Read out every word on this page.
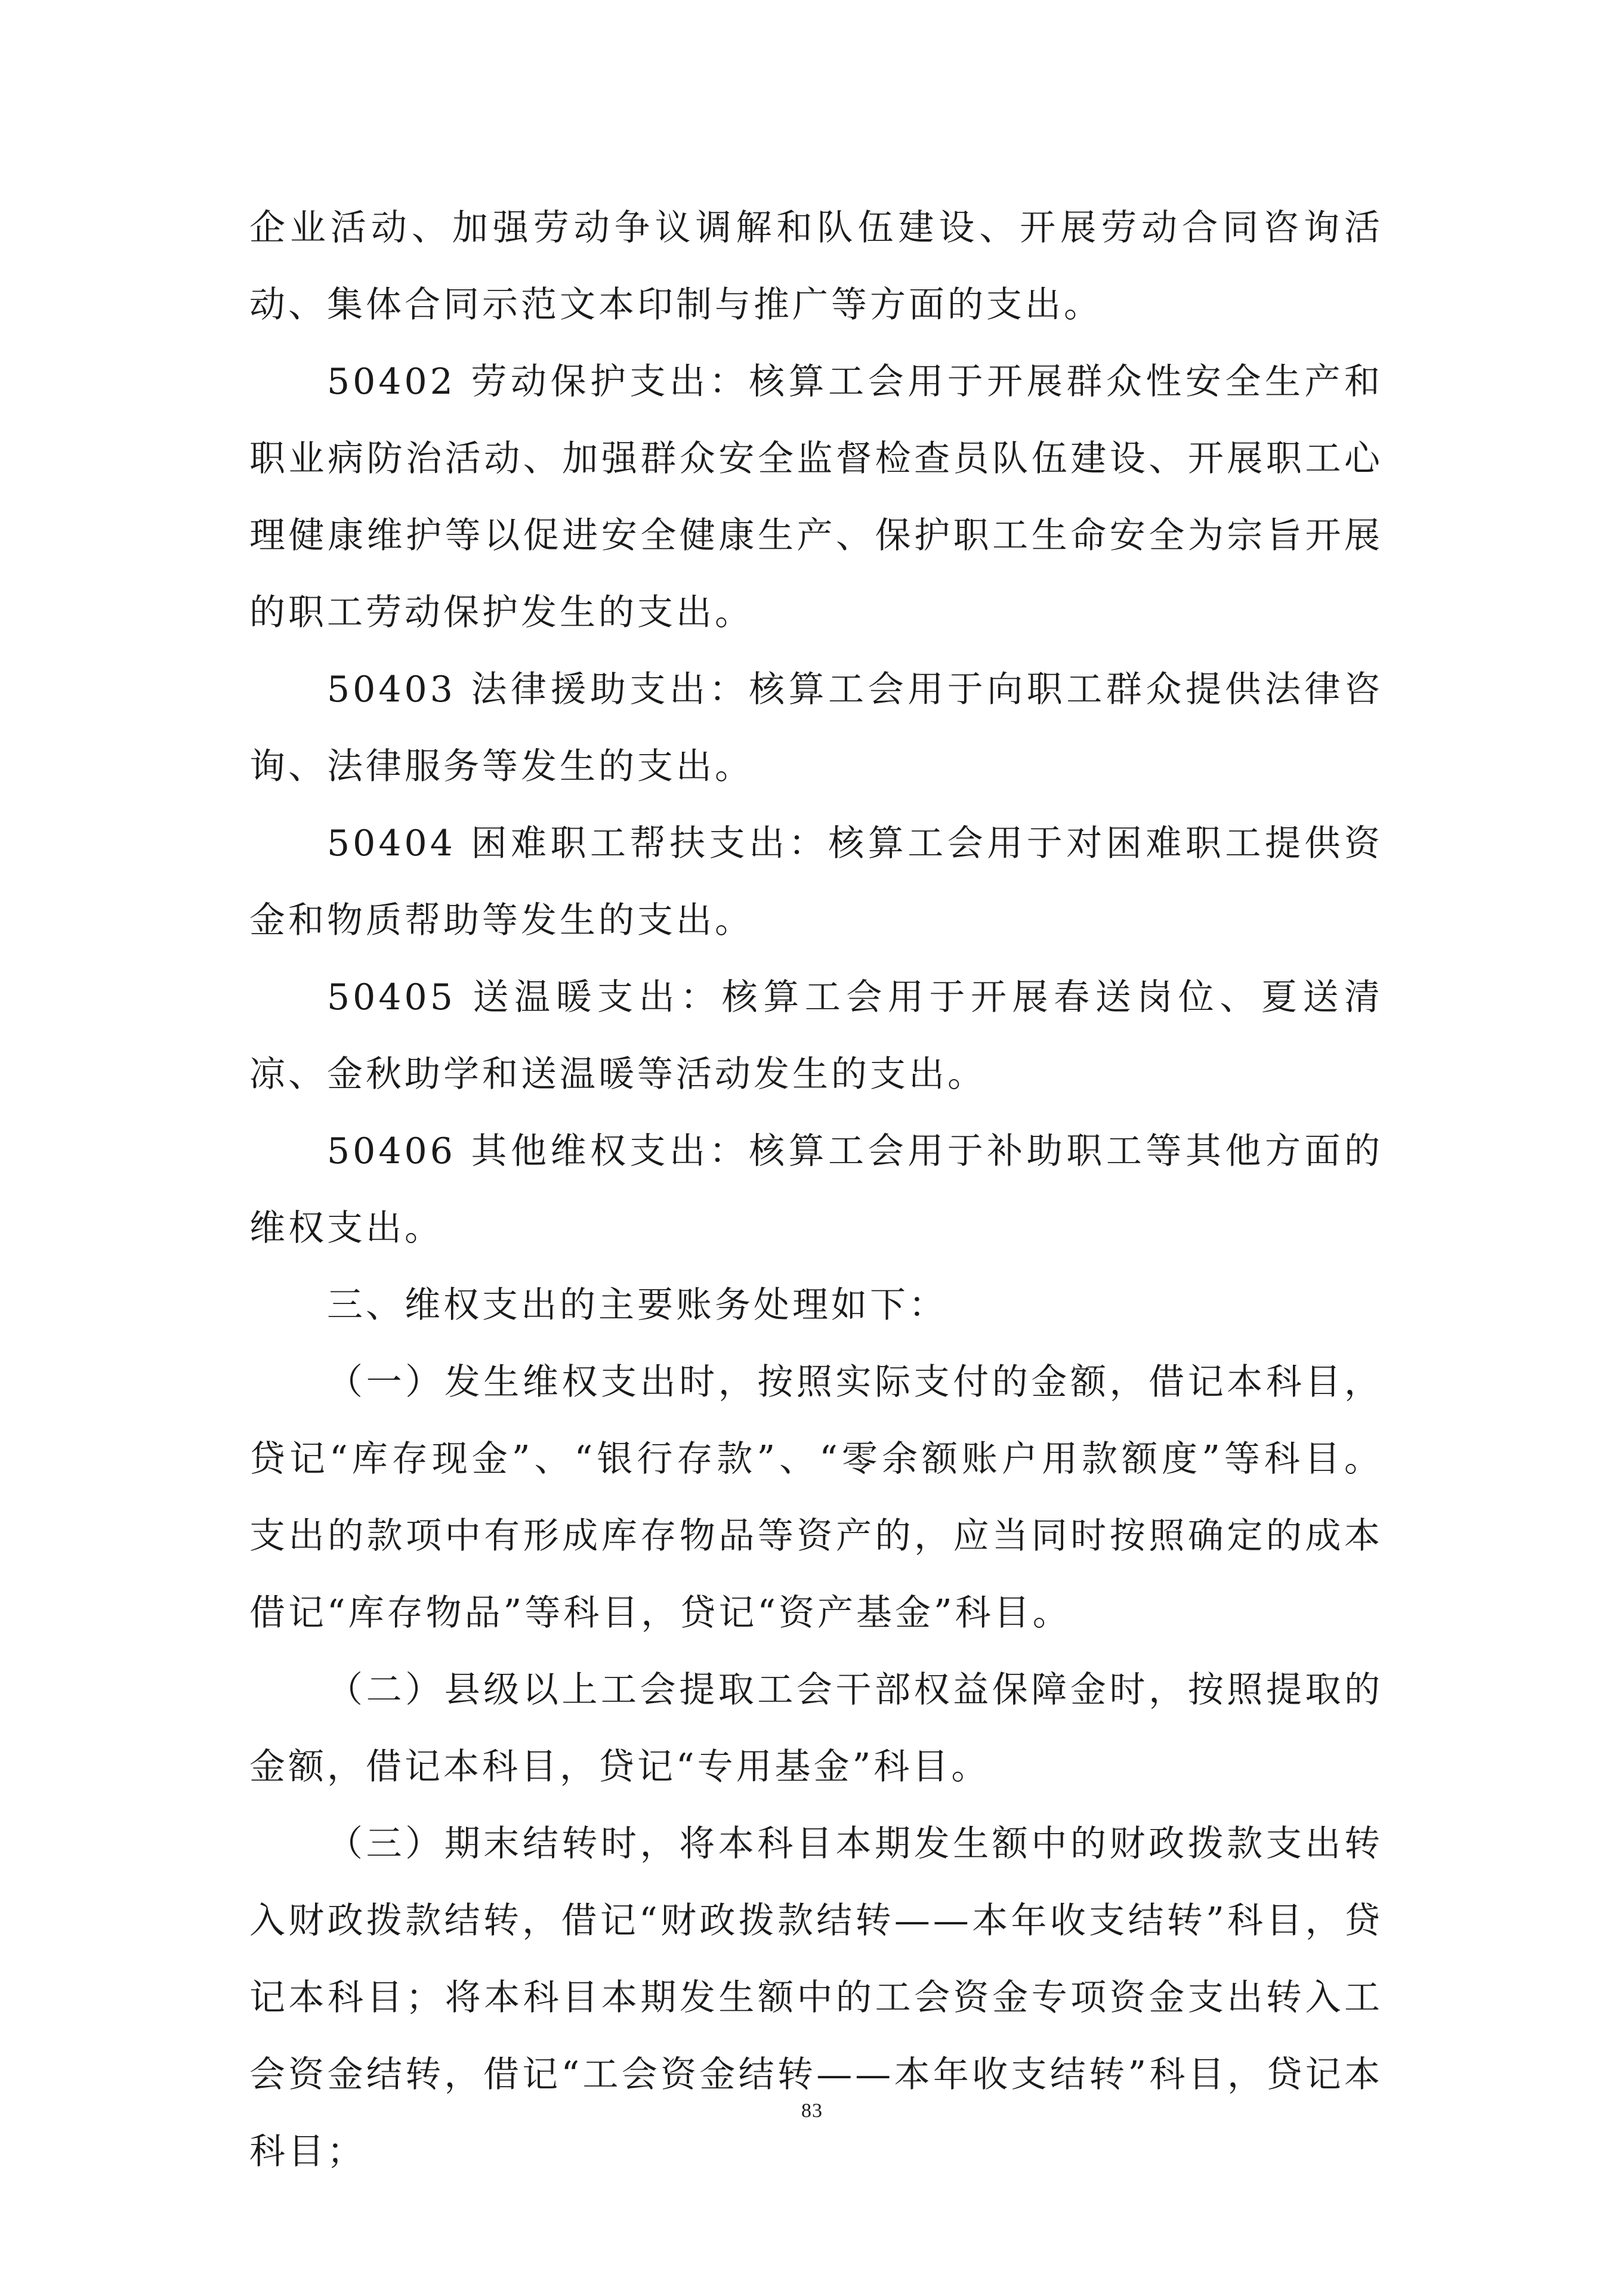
企业活动、加强劳动争议调解和队伍建设、开展劳动合同咨询活动、集体合同示范文本印制与推广等方面的支出。

50402 劳动保护支出：核算工会用于开展群众性安全生产和职业病防治活动、加强群众安全监督检查员队伍建设、开展职工心理健康维护等以促进安全健康生产、保护职工生命安全为宗旨开展的职工劳动保护发生的支出。

50403 法律援助支出：核算工会用于向职工群众提供法律咨询、法律服务等发生的支出。

50404 困难职工帮扶支出：核算工会用于对困难职工提供资金和物质帮助等发生的支出。

50405 送温暖支出：核算工会用于开展春送岗位、夏送清凉、金秋助学和送温暖等活动发生的支出。

50406 其他维权支出：核算工会用于补助职工等其他方面的维权支出。

三、维权支出的主要账务处理如下：

（一）发生维权支出时，按照实际支付的金额，借记本科目，贷记“库存现金”、“银行存款”、“零余额账户用款额度”等科目。支出的款项中有形成库存物品等资产的，应当同时按照确定的成本借记“库存物品”等科目，贷记“资产基金”科目。

（二）县级以上工会提取工会干部权益保障金时，按照提取的金额，借记本科目，贷记“专用基金”科目。

（三）期末结转时，将本科目本期发生额中的财政拨款支出转入财政拨款结转，借记“财政拨款结转——本年收支结转”科目，贷记本科目；将本科目本期发生额中的工会资金专项资金支出转入工会资金结转，借记“工会资金结转——本年收支结转”科目，贷记本科目；

83
